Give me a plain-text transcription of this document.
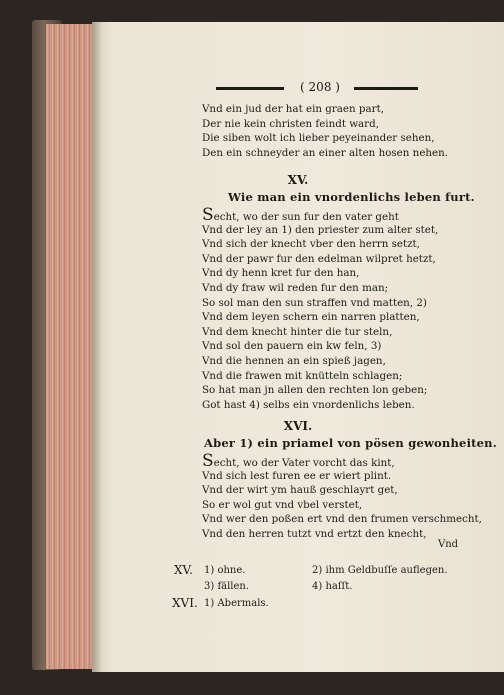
( 208 )
Vnd ein jud der hat ein graen part,
Der nie kein christen feindt ward,
Die siben wolt ich lieber peyeinander sehen,
Den ein schneyder an einer alten hosen nehen.
XV.
Wie man ein vnordenlichs leben furt.
Secht, wo der sun fur den vater geht
Vnd der ley an 1) den priester zum alter stet,
Vnd sich der knecht vber den herrn setzt,
Vnd der pawr fur den edelman wilpret hetzt,
Vnd dy henn kret fur den han,
Vnd dy fraw wil reden fur den man;
So sol man den sun straffen vnd matten, 2)
Vnd dem leyen schern ein narren platten,
Vnd dem knecht hinter die tur steln,
Vnd sol den pauern ein kw feln, 3)
Vnd die hennen an ein spieß jagen,
Vnd die frawen mit knütteln schlagen;
So hat man jn allen den rechten lon geben;
Got hast 4) selbs ein vnordenlichs leben.
XVI.
Aber 1) ein priamel von pösen gewonheiten.
Secht, wo der Vater vorcht das kint,
Vnd sich lest furen ee er wiert plint.
Vnd der wirt ym hauß geschlayrt get,
So er wol gut vnd vbel verstet,
Vnd wer den poßen ert vnd den frumen verschmecht,
Vnd den herren tutzt vnd ertzt den knecht,
Vnd
XV. 1) ohne.	2) ihm Geldbuſſe auflegen.
3) fällen.	4) haſſt.
XVI. 1) Abermals.
